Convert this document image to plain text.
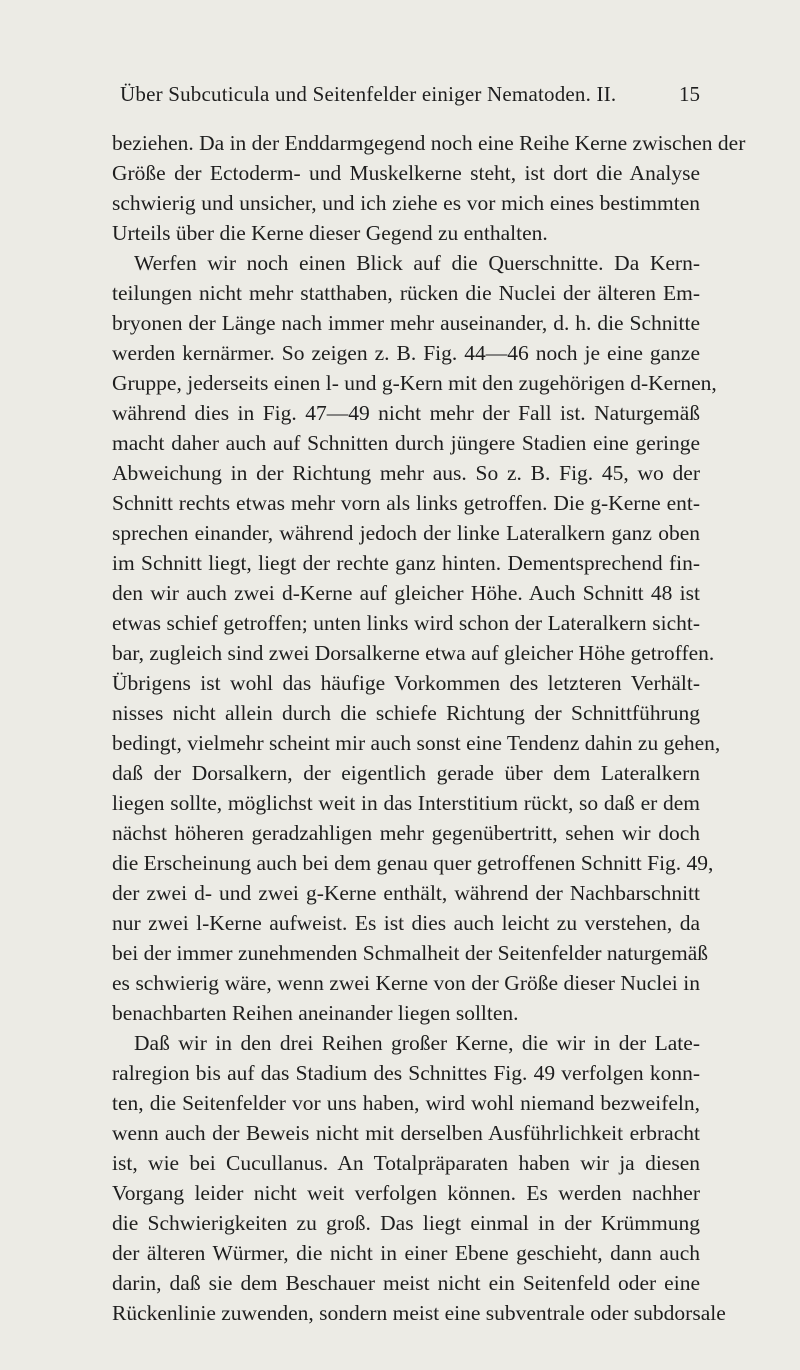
Über Subcuticula und Seitenfelder einiger Nematoden. II.	15
beziehen. Da in der Enddarmgegend noch eine Reihe Kerne zwischen der
Größe der Ectoderm- und Muskelkerne steht, ist dort die Analyse
schwierig und unsicher, und ich ziehe es vor mich eines bestimmten
Urteils über die Kerne dieser Gegend zu enthalten.
Werfen wir noch einen Blick auf die Querschnitte. Da Kern-
teilungen nicht mehr statthaben, rücken die Nuclei der älteren Em-
bryonen der Länge nach immer mehr auseinander, d. h. die Schnitte
werden kernärmer. So zeigen z. B. Fig. 44—46 noch je eine ganze
Gruppe, jederseits einen l- und g-Kern mit den zugehörigen d-Kernen,
während dies in Fig. 47—49 nicht mehr der Fall ist. Naturgemäß
macht daher auch auf Schnitten durch jüngere Stadien eine geringe
Abweichung in der Richtung mehr aus. So z. B. Fig. 45, wo der
Schnitt rechts etwas mehr vorn als links getroffen. Die g-Kerne ent-
sprechen einander, während jedoch der linke Lateralkern ganz oben
im Schnitt liegt, liegt der rechte ganz hinten. Dementsprechend fin-
den wir auch zwei d-Kerne auf gleicher Höhe. Auch Schnitt 48 ist
etwas schief getroffen; unten links wird schon der Lateralkern sicht-
bar, zugleich sind zwei Dorsalkerne etwa auf gleicher Höhe getroffen.
Übrigens ist wohl das häufige Vorkommen des letzteren Verhält-
nisses nicht allein durch die schiefe Richtung der Schnittführung
bedingt, vielmehr scheint mir auch sonst eine Tendenz dahin zu gehen,
daß der Dorsalkern, der eigentlich gerade über dem Lateralkern
liegen sollte, möglichst weit in das Interstitium rückt, so daß er dem
nächst höheren geradzahligen mehr gegenübertritt, sehen wir doch
die Erscheinung auch bei dem genau quer getroffenen Schnitt Fig. 49,
der zwei d- und zwei g-Kerne enthält, während der Nachbarschnitt
nur zwei l-Kerne aufweist. Es ist dies auch leicht zu verstehen, da
bei der immer zunehmenden Schmalheit der Seitenfelder naturgemäß
es schwierig wäre, wenn zwei Kerne von der Größe dieser Nuclei in
benachbarten Reihen aneinander liegen sollten.
Daß wir in den drei Reihen großer Kerne, die wir in der Late-
ralregion bis auf das Stadium des Schnittes Fig. 49 verfolgen konn-
ten, die Seitenfelder vor uns haben, wird wohl niemand bezweifeln,
wenn auch der Beweis nicht mit derselben Ausführlichkeit erbracht
ist, wie bei Cucullanus. An Totalpräparaten haben wir ja diesen
Vorgang leider nicht weit verfolgen können. Es werden nachher
die Schwierigkeiten zu groß. Das liegt einmal in der Krümmung
der älteren Würmer, die nicht in einer Ebene geschieht, dann auch
darin, daß sie dem Beschauer meist nicht ein Seitenfeld oder eine
Rückenlinie zuwenden, sondern meist eine subventrale oder subdorsale
